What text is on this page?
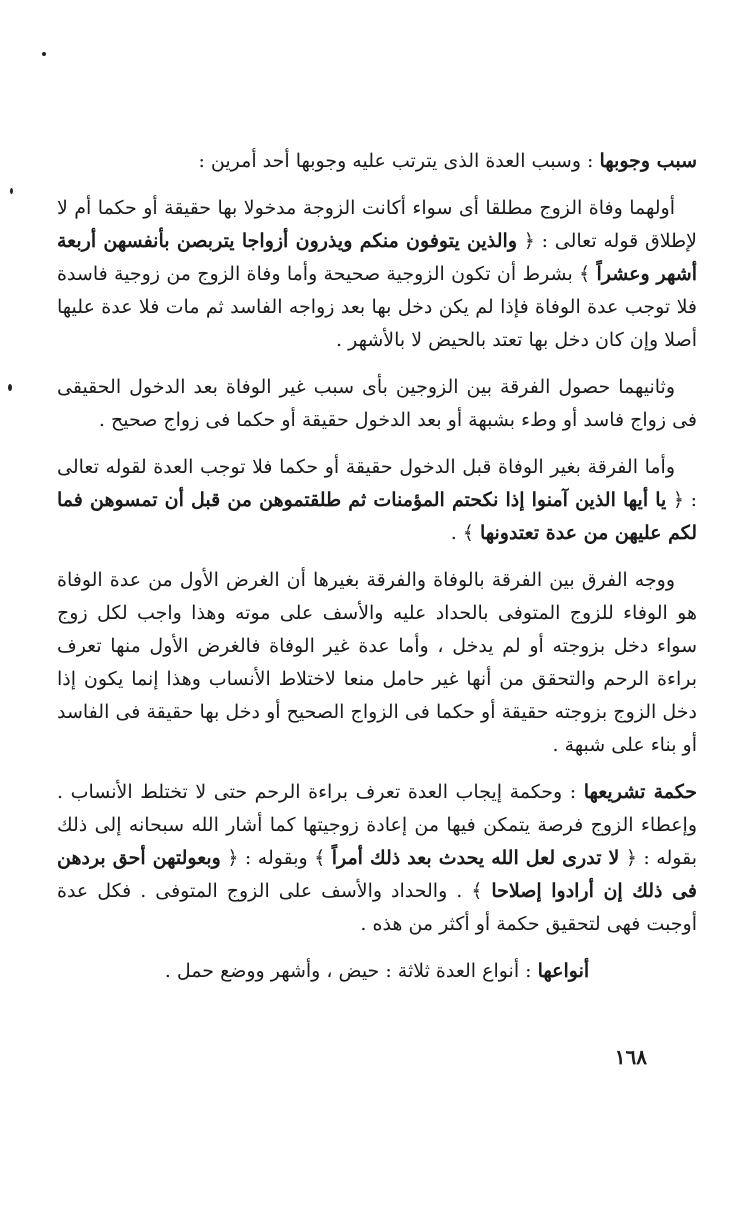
سبب وجوبها : وسبب العدة الذى يترتب عليه وجوبها أحد أمرين :

أولهما وفاة الزوج مطلقا أى سواء أكانت الزوجة مدخولا بها حقيقة أو حكما أم لا لإطلاق قوله تعالى : ﴿ والذين يتوفون منكم ويذرون أزواجا يتربصن بأنفسهن أربعة أشهر وعشراً ﴾ بشرط أن تكون الزوجية صحيحة وأما وفاة الزوج من زوجية فاسدة فلا توجب عدة الوفاة فإذا لم يكن دخل بها بعد زواجه الفاسد ثم مات فلا عدة عليها أصلا وإن كان دخل بها تعتد بالحيض لا بالأشهر .

وثانيهما حصول الفرقة بين الزوجين بأى سبب غير الوفاة بعد الدخول الحقيقى فى زواج فاسد أو وطء بشبهة أو بعد الدخول حقيقة أو حكما فى زواج صحيح .

وأما الفرقة بغير الوفاة قبل الدخول حقيقة أو حكما فلا توجب العدة لقوله تعالى : ﴿ يا أيها الذين آمنوا إذا نكحتم المؤمنات ثم طلقتموهن من قبل أن تمسوهن فما لكم عليهن من عدة تعتدونها ﴾ .

ووجه الفرق بين الفرقة بالوفاة والفرقة بغيرها أن الغرض الأول من عدة الوفاة هو الوفاء للزوج المتوفى بالحداد عليه والأسف على موته وهذا واجب لكل زوج سواء دخل بزوجته أو لم يدخل ، وأما عدة غير الوفاة فالغرض الأول منها تعرف براءة الرحم والتحقق من أنها غير حامل منعا لاختلاط الأنساب وهذا إنما يكون إذا دخل الزوج بزوجته حقيقة أو حكما فى الزواج الصحيح أو دخل بها حقيقة فى الفاسد أو بناء على شبهة .

حكمة تشريعها : وحكمة إيجاب العدة تعرف براءة الرحم حتى لا تختلط الأنساب . وإعطاء الزوج فرصة يتمكن فيها من إعادة زوجيتها كما أشار الله سبحانه إلى ذلك بقوله : ﴿ لا تدرى لعل الله يحدث بعد ذلك أمراً ﴾ وبقوله : ﴿ وبعولتهن أحق بردهن فى ذلك إن أرادوا إصلاحا ﴾ . والحداد والأسف على الزوج المتوفى . فكل عدة أوجبت فهى لتحقيق حكمة أو أكثر من هذه .

أنواعها : أنواع العدة ثلاثة : حيض ، وأشهر ووضع حمل .

١٦٨
